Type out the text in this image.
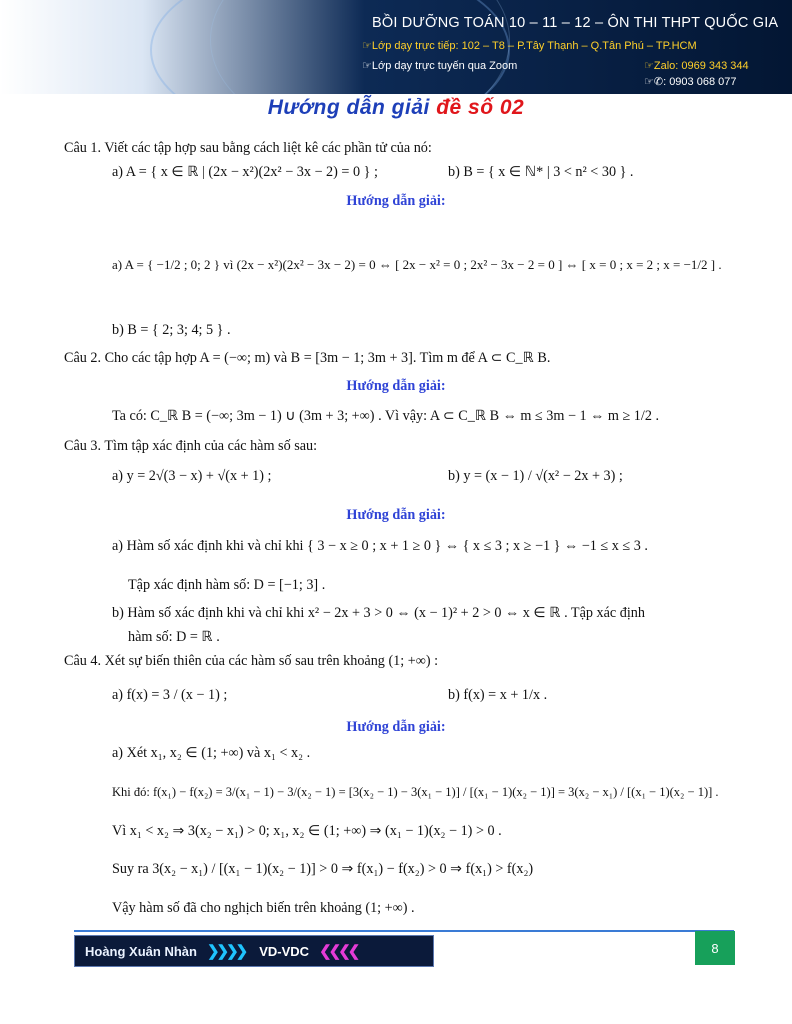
BỒI DƯỠNG TOÁN 10 – 11 – 12 – ÔN THI THPT QUỐC GIA
☞Lớp dạy trực tiếp: 102 – T8 – P.Tây Thạnh – Q.Tân Phú – TP.HCM
☞Lớp dạy trực tuyến qua Zoom	☞Zalo: 0969 343 344
☞✆: 0903 068 077
Hướng dẫn giải đề số 02
Câu 1. Viết các tập hợp sau bằng cách liệt kê các phần tử của nó:
a) A = { x ∈ ℝ | (2x − x²)(2x² − 3x − 2) = 0 } ;	b) B = { x ∈ ℕ* | 3 < n² < 30 } .
Hướng dẫn giải:
a) A = { −1/2 ; 0; 2 } vì (2x − x²)(2x² − 3x − 2) = 0 ⇔ [ 2x − x² = 0 ; 2x² − 3x − 2 = 0 ] ⇔ [ x = 0 ; x = 2 ; x = −1/2 ] .
b) B = { 2; 3; 4; 5 } .
Câu 2. Cho các tập hợp A = (−∞; m) và B = [3m − 1; 3m + 3]. Tìm m để A ⊂ C_ℝ B.
Hướng dẫn giải:
Ta có: C_ℝ B = (−∞; 3m − 1) ∪ (3m + 3; +∞) . Vì vậy: A ⊂ C_ℝ B ⇔ m ≤ 3m − 1 ⇔ m ≥ 1/2 .
Câu 3. Tìm tập xác định của các hàm số sau:
a) y = 2√(3 − x) + √(x + 1) ;	b) y = (x − 1) / √(x² − 2x + 3) ;
Hướng dẫn giải:
a) Hàm số xác định khi và chỉ khi { 3 − x ≥ 0 ; x + 1 ≥ 0 } ⇔ { x ≤ 3 ; x ≥ −1 } ⇔ −1 ≤ x ≤ 3 .
Tập xác định hàm số: D = [−1; 3] .
b) Hàm số xác định khi và chỉ khi x² − 2x + 3 > 0 ⇔ (x − 1)² + 2 > 0 ⇔ x ∈ ℝ . Tập xác định
hàm số: D = ℝ .
Câu 4. Xét sự biến thiên của các hàm số sau trên khoảng (1; +∞) :
a) f(x) = 3 / (x − 1) ;	b) f(x) = x + 1/x .
Hướng dẫn giải:
a) Xét x₁, x₂ ∈ (1; +∞) và x₁ < x₂ .
Khi đó: f(x₁) − f(x₂) = 3/(x₁ − 1) − 3/(x₂ − 1) = [3(x₂ − 1) − 3(x₁ − 1)] / [(x₁ − 1)(x₂ − 1)] = 3(x₂ − x₁) / [(x₁ − 1)(x₂ − 1)] .
Vì x₁ < x₂ ⇒ 3(x₂ − x₁) > 0; x₁, x₂ ∈ (1; +∞) ⇒ (x₁ − 1)(x₂ − 1) > 0 .
Suy ra 3(x₂ − x₁) / [(x₁ − 1)(x₂ − 1)] > 0 ⇒ f(x₁) − f(x₂) > 0 ⇒ f(x₁) > f(x₂)
Vậy hàm số đã cho nghịch biến trên khoảng (1; +∞) .
Hoàng Xuân Nhàn ❯❯❯❯ VD-VDC ❮❮❮❮	8
